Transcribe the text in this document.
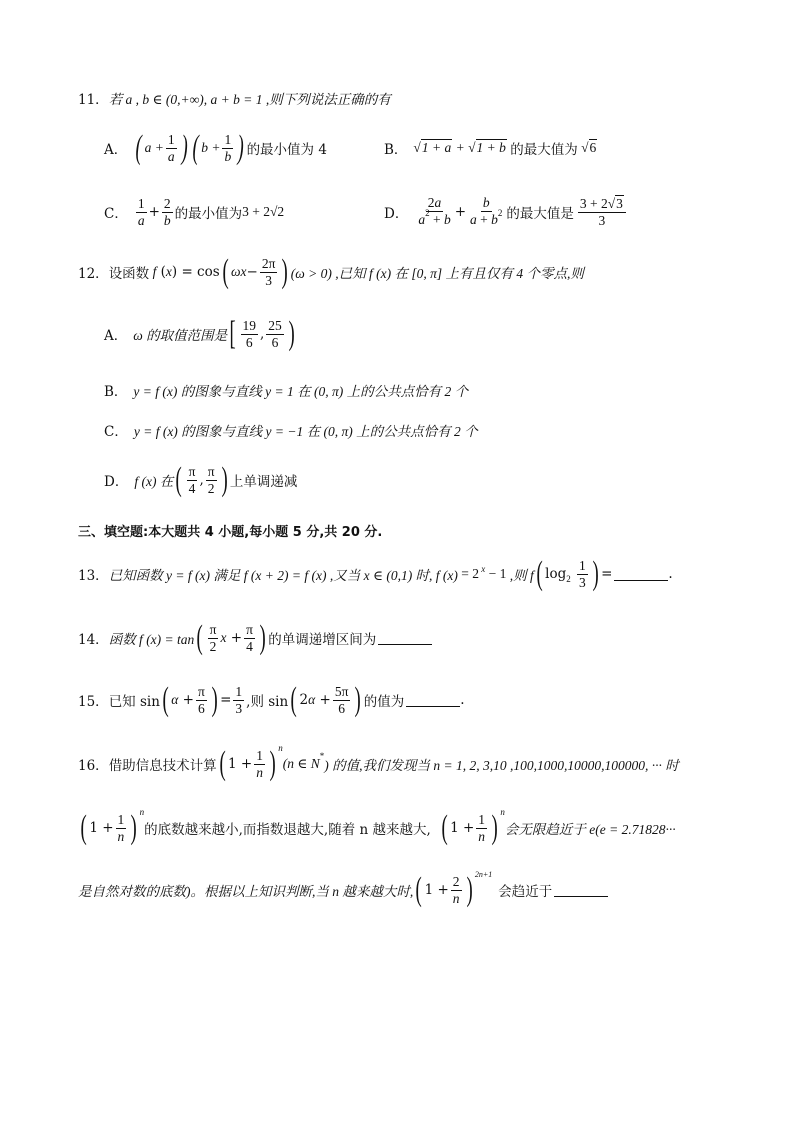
11． 若 a , b ∈ (0,+∞), a + b = 1 ,则下列说法正确的有
A． ( $a + \frac{1}{a}$ ) ( $b + \frac{1}{b}$ ) 的最小值为 4	B． √1 + a + √1 + b 的最大值为 √6
C． $\frac{1}{a} + \frac{2}{b}$ 的最小值为 3 + 2√2	D． $\frac{2a}{a^2 + b} + \frac{b}{a + b^2}$ 的最大值是 $\frac{3 + 2√3}{3}$
12． 设函数 f ( x ) = cos ( $\omega x - \frac{2\pi}{3}$ ) (ω > 0) ,已知 f (x) 在 [0, π] 上有且仅有 4 个零点,则
A． ω 的取值范围是 [ $\frac{19}{6}$ , $\frac{25}{6}$ )
B． y = f (x) 的图象与直线 y = 1 在 (0, π) 上的公共点恰有 2 个
C． y = f (x) 的图象与直线 y = −1 在 (0, π) 上的公共点恰有 2 个
D． f (x) 在 ( $\frac{\pi}{4}$ , $\frac{\pi}{2}$ ) 上单调递减
三、填空题:本大题共 4 小题,每小题 5 分,共 20 分.
13． 已知函数 y = f (x) 满足 f (x + 2) = f (x) ,又当 x ∈ (0,1) 时, f (x) = 2 $^x$ − 1 ,则 f ( log 2
$\frac{1}{3}$ ) =	.
14． 函数 f (x) = tan ( $\frac{\pi}{2}$ $x + \frac{\pi}{4}$ ) 的单调递增区间为
15． 已知 sin ( $\alpha + \frac{\pi}{6}$ ) = $\frac{1}{3}$ ,则 sin ( 2 $\alpha + \frac{5\pi}{6}$ ) 的值为	.
16． 借助信息技术计算 ( $1 + \frac{1}{n}$ ) n
(n ∈ N *
) 的值,我们发现当 n = 1, 2, 3,10 ,100,1000,10000,100000, ··· 时
( $1 + \frac{1}{n}$ ) n
的底数越来越小,而指数退越大,随着 n 越来越大, ( $1 + \frac{1}{n}$ ) n
会无限趋近于 e(e = 2.71828···
是自然对数的底数)。根据以上知识判断,当 n 越来越大时, ( $1 + \frac{2}{n}$ ) 2n+1
会趋近于
